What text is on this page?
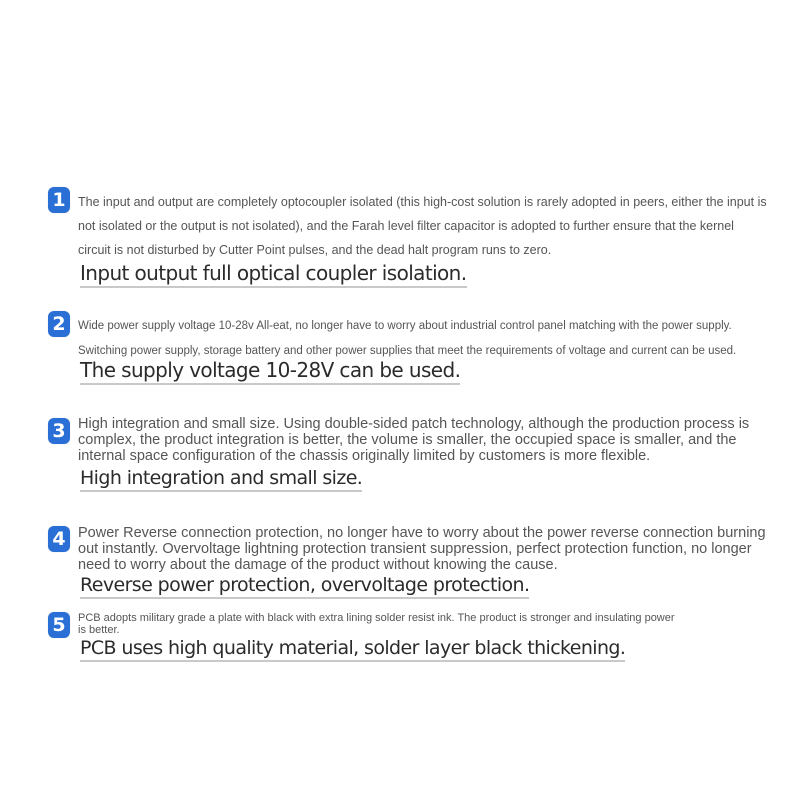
1 The input and output are completely optocoupler isolated (this high-cost solution is rarely adopted in peers, either the input is not isolated or the output is not isolated), and the Farah level filter capacitor is adopted to further ensure that the kernel circuit is not disturbed by Cutter Point pulses, and the dead halt program runs to zero.

Input output full optical coupler isolation.
2	Wide power supply voltage 10-28v All-eat, no longer have to worry about industrial control panel matching with the power supply. Switching power supply, storage battery and other power supplies that meet the requirements of voltage and current can be used.

The supply voltage 10-28V can be used.
3 High integration and small size. Using double-sided patch technology, although the production process is complex, the product integration is better, the volume is smaller, the occupied space is smaller, and the internal space configuration of the chassis originally limited by customers is more flexible.

High integration and small size.
4 Power Reverse connection protection, no longer have to worry about the power reverse connection burning out instantly. Overvoltage lightning protection transient suppression, perfect protection function, no longer need to worry about the damage of the product without knowing the cause.

Reverse power protection, overvoltage protection.
5	PCB adopts military grade a plate with black with extra lining solder resist ink. The product is stronger and insulating power is better.

PCB uses high quality material, solder layer black thickening.
